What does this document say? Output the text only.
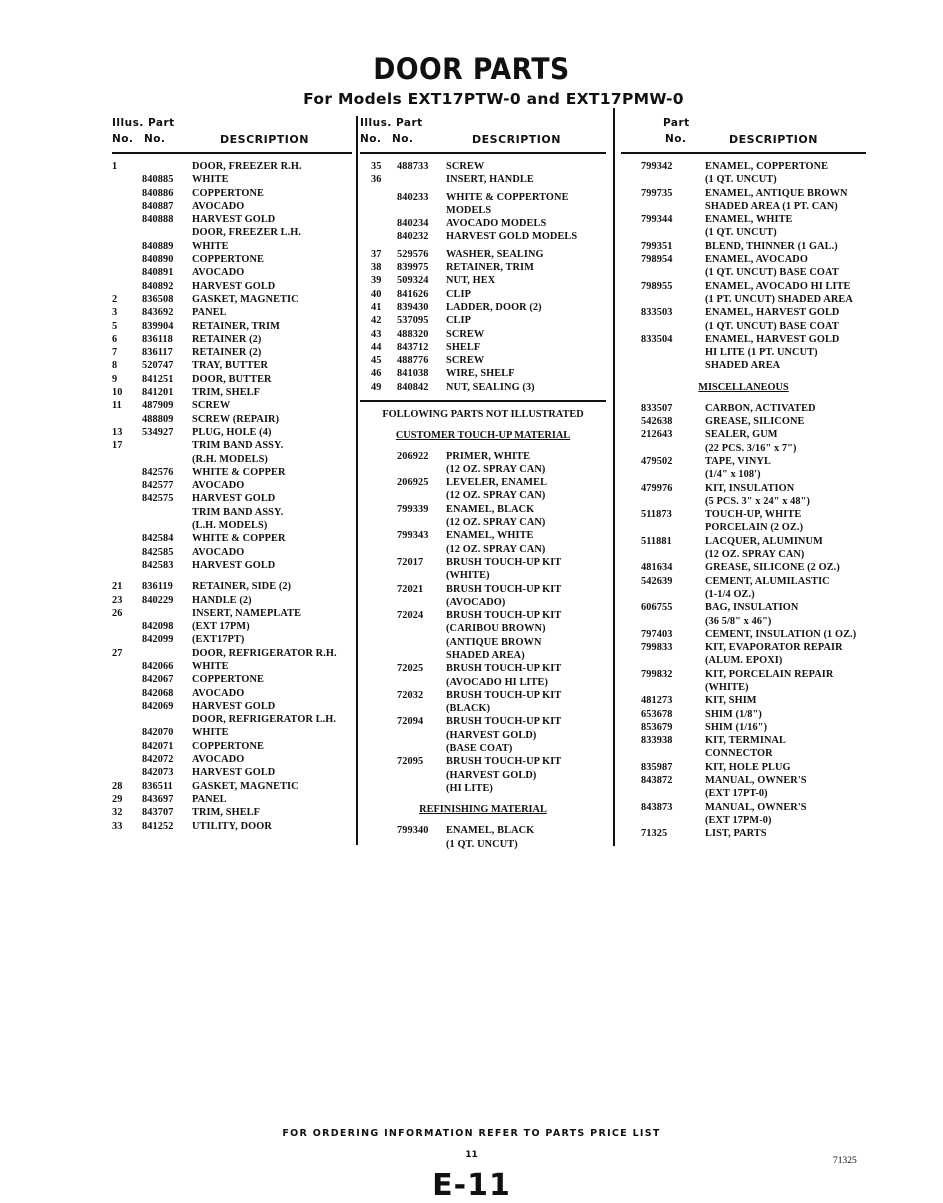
DOOR PARTS
For Models EXT17PTW-0 and EXT17PMW-0
Illus. Part
No. No.	DESCRIPTION
1	DOOR, FREEZER R.H.
840885 WHITE
840886 COPPERTONE
840887 AVOCADO
840888 HARVEST GOLD
DOOR, FREEZER L.H.
840889 WHITE
840890 COPPERTONE
840891 AVOCADO
840892 HARVEST GOLD
2 836508 GASKET, MAGNETIC
3 843692 PANEL
5 839904 RETAINER, TRIM
6 836118 RETAINER (2)
7 836117 RETAINER (2)
8 520747 TRAY, BUTTER
9 841251 DOOR, BUTTER
10 841201 TRIM, SHELF
11 487909 SCREW
488809 SCREW (REPAIR)
13 534927 PLUG, HOLE (4)
17	TRIM BAND ASSY.
(R.H. MODELS)
842576 WHITE & COPPER
842577 AVOCADO
842575 HARVEST GOLD
TRIM BAND ASSY.
(L.H. MODELS)
842584 WHITE & COPPER
842585 AVOCADO
842583 HARVEST GOLD
21 836119 RETAINER, SIDE (2)
23 840229 HANDLE (2)
26	INSERT, NAMEPLATE
842098 (EXT 17PM)
842099 (EXT17PT)
27	DOOR, REFRIGERATOR R.H.
842066 WHITE
842067 COPPERTONE
842068 AVOCADO
842069 HARVEST GOLD
DOOR, REFRIGERATOR L.H.
842070 WHITE
842071 COPPERTONE
842072 AVOCADO
842073 HARVEST GOLD
28 836511 GASKET, MAGNETIC
29 843697 PANEL
32 843707 TRIM, SHELF
33 841252 UTILITY, DOOR
Illus. Part
No. No.	DESCRIPTION
35 488733 SCREW
36	INSERT, HANDLE
840233 WHITE & COPPERTONE
MODELS
840234 AVOCADO MODELS
840232 HARVEST GOLD MODELS
37 529576 WASHER, SEALING
38 839975 RETAINER, TRIM
39 509324 NUT, HEX
40 841626 CLIP
41 839430 LADDER, DOOR (2)
42 537095 CLIP
43 488320 SCREW
44 843712 SHELF
45 488776 SCREW
46 841038 WIRE, SHELF
49 840842 NUT, SEALING (3)
FOLLOWING PARTS NOT ILLUSTRATED
CUSTOMER TOUCH-UP MATERIAL
206922 PRIMER, WHITE
(12 OZ. SPRAY CAN)
206925 LEVELER, ENAMEL
(12 OZ. SPRAY CAN)
799339 ENAMEL, BLACK
(12 OZ. SPRAY CAN)
799343 ENAMEL, WHITE
(12 OZ. SPRAY CAN)
72017 BRUSH TOUCH-UP KIT
(WHITE)
72021 BRUSH TOUCH-UP KIT
(AVOCADO)
72024 BRUSH TOUCH-UP KIT
(CARIBOU BROWN)
(ANTIQUE BROWN
SHADED AREA)
72025 BRUSH TOUCH-UP KIT
(AVOCADO HI LITE)
72032 BRUSH TOUCH-UP KIT
(BLACK)
72094 BRUSH TOUCH-UP KIT
(HARVEST GOLD)
(BASE COAT)
72095 BRUSH TOUCH-UP KIT
(HARVEST GOLD)
(HI LITE)
REFINISHING MATERIAL
799340 ENAMEL, BLACK
(1 QT. UNCUT)
Part
No.	DESCRIPTION
799342	ENAMEL, COPPERTONE
(1 QT. UNCUT)
799735	ENAMEL, ANTIQUE BROWN
SHADED AREA (1 PT. CAN)
799344	ENAMEL, WHITE
(1 QT. UNCUT)
799351	BLEND, THINNER (1 GAL.)
798954	ENAMEL, AVOCADO
(1 QT. UNCUT) BASE COAT
798955	ENAMEL, AVOCADO HI LITE
(1 PT. UNCUT) SHADED AREA
833503	ENAMEL, HARVEST GOLD
(1 QT. UNCUT) BASE COAT
833504	ENAMEL, HARVEST GOLD
HI LITE (1 PT. UNCUT)
SHADED AREA
MISCELLANEOUS
833507	CARBON, ACTIVATED
542638	GREASE, SILICONE
212643	SEALER, GUM
(22 PCS. 3/16" x 7")
479502	TAPE, VINYL
(1/4" x 108')
479976	KIT, INSULATION
(5 PCS. 3" x 24" x 48")
511873	TOUCH-UP, WHITE
PORCELAIN (2 OZ.)
511881	LACQUER, ALUMINUM
(12 OZ. SPRAY CAN)
481634	GREASE, SILICONE (2 OZ.)
542639	CEMENT, ALUMILASTIC
(1-1/4 OZ.)
606755	BAG, INSULATION
(36 5/8" x 46")
797403	CEMENT, INSULATION (1 OZ.)
799833	KIT, EVAPORATOR REPAIR
(ALUM. EPOXI)
799832	KIT, PORCELAIN REPAIR
(WHITE)
481273	KIT, SHIM
653678	SHIM (1/8")
853679	SHIM (1/16")
833938	KIT, TERMINAL
CONNECTOR
835987	KIT, HOLE PLUG
843872	MANUAL, OWNER'S
(EXT 17PT-0)
843873	MANUAL, OWNER'S
(EXT 17PM-0)
71325	LIST, PARTS
FOR ORDERING INFORMATION REFER TO PARTS PRICE LIST
11
E-11
71325
